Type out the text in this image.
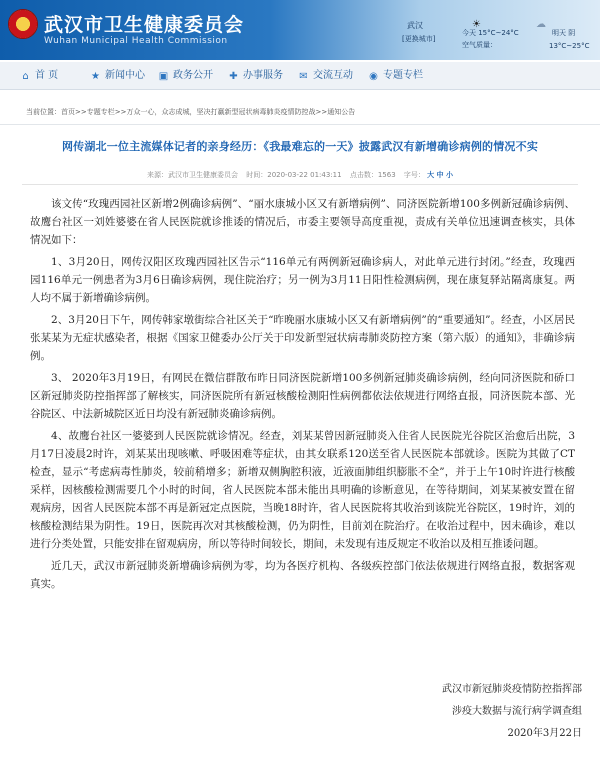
★ 武汉市卫生健康委员会
Wuhan Municipal Health Commission
武汉
[更换城市]
☀
今天 15°C~24°C
空气质量：
☁
明天 阴
13°C~25°C
⌂ 首 页	★ 新闻中心 ▣ 政务公开 ✚ 办事服务 ✉ 交流互动 ◉ 专题专栏
当前位置：首页>>专题专栏>>万众一心，众志成城，坚决打赢新型冠状病毒肺炎疫情防控战>>通知公告
网传湖北一位主流媒体记者的亲身经历：《我最难忘的一天》披露武汉有新增确诊病例的情况不实
来源：武汉市卫生健康委员会 时间：2020-03-22 01:43:11 点击数：1563 字号： 大 中 小

该文传“玫瑰西园社区新增2例确诊病例”、“丽水康城小区又有新增病例”、同济医院新增100多例新冠确诊病例、故鹰台社区一刘姓婆婆在省人民医院就诊推诿的情况后，市委主要领导高度重视，责成有关单位迅速调查核实，具体情况如下：

1、3月20日，网传汉阳区玫瑰西园社区告示“116单元有两例新冠确诊病人，对此单元进行封闭。”经查，玫瑰西园116单元一例患者为3月6日确诊病例，现住院治疗；另一例为3月11日阳性检测病例，现在康复驿站隔离康复。两人均不属于新增确诊病例。

2、3月20日下午，网传韩家墩街综合社区关于“昨晚丽水康城小区又有新增病例”的“重要通知”。经查，小区居民张某某为无症状感染者，根据《国家卫健委办公厅关于印发新型冠状病毒肺炎防控方案（第六版）的通知》，非确诊病例。

3、 2020年3月19日，有网民在微信群散布昨日同济医院新增100多例新冠肺炎确诊病例，经向同济医院和硚口区新冠肺炎防控指挥部了解核实，同济医院所有新冠核酸检测阳性病例都依法依规进行网络直报，同济医院本部、光谷院区、中法新城院区近日均没有新冠肺炎确诊病例。

4、故鹰台社区一婆婆到人民医院就诊情况。经查，刘某某曾因新冠肺炎入住省人民医院光谷院区治愈后出院，3月17日凌晨2时许，刘某某出现咳嗽、呼吸困难等症状，由其女联系120送至省人民医院本部就诊。医院为其做了CT检查，显示“考虑病毒性肺炎，较前稍增多；新增双侧胸腔积液，近液面肺组织膨胀不全”，并于上午10时许进行核酸采样，因核酸检测需要几个小时的时间，省人民医院本部未能出具明确的诊断意见，在等待期间，刘某某被安置在留观病房，因省人民医院本部不再是新冠定点医院，当晚18时许，省人民医院将其收治到该院光谷院区，19时许，刘的核酸检测结果为阴性。19日，医院再次对其核酸检测，仍为阴性，目前刘在院治疗。在收治过程中，因未确诊，难以进行分类处置，只能安排在留观病房，所以等待时间较长，期间，未发现有违反规定不收治以及相互推诿问题。

近几天，武汉市新冠肺炎新增确诊病例为零，均为各医疗机构、各级疾控部门依法依规进行网络直报，数据客观真实。

武汉市新冠肺炎疫情防控指挥部
涉疫大数据与流行病学调查组
2020年3月22日
